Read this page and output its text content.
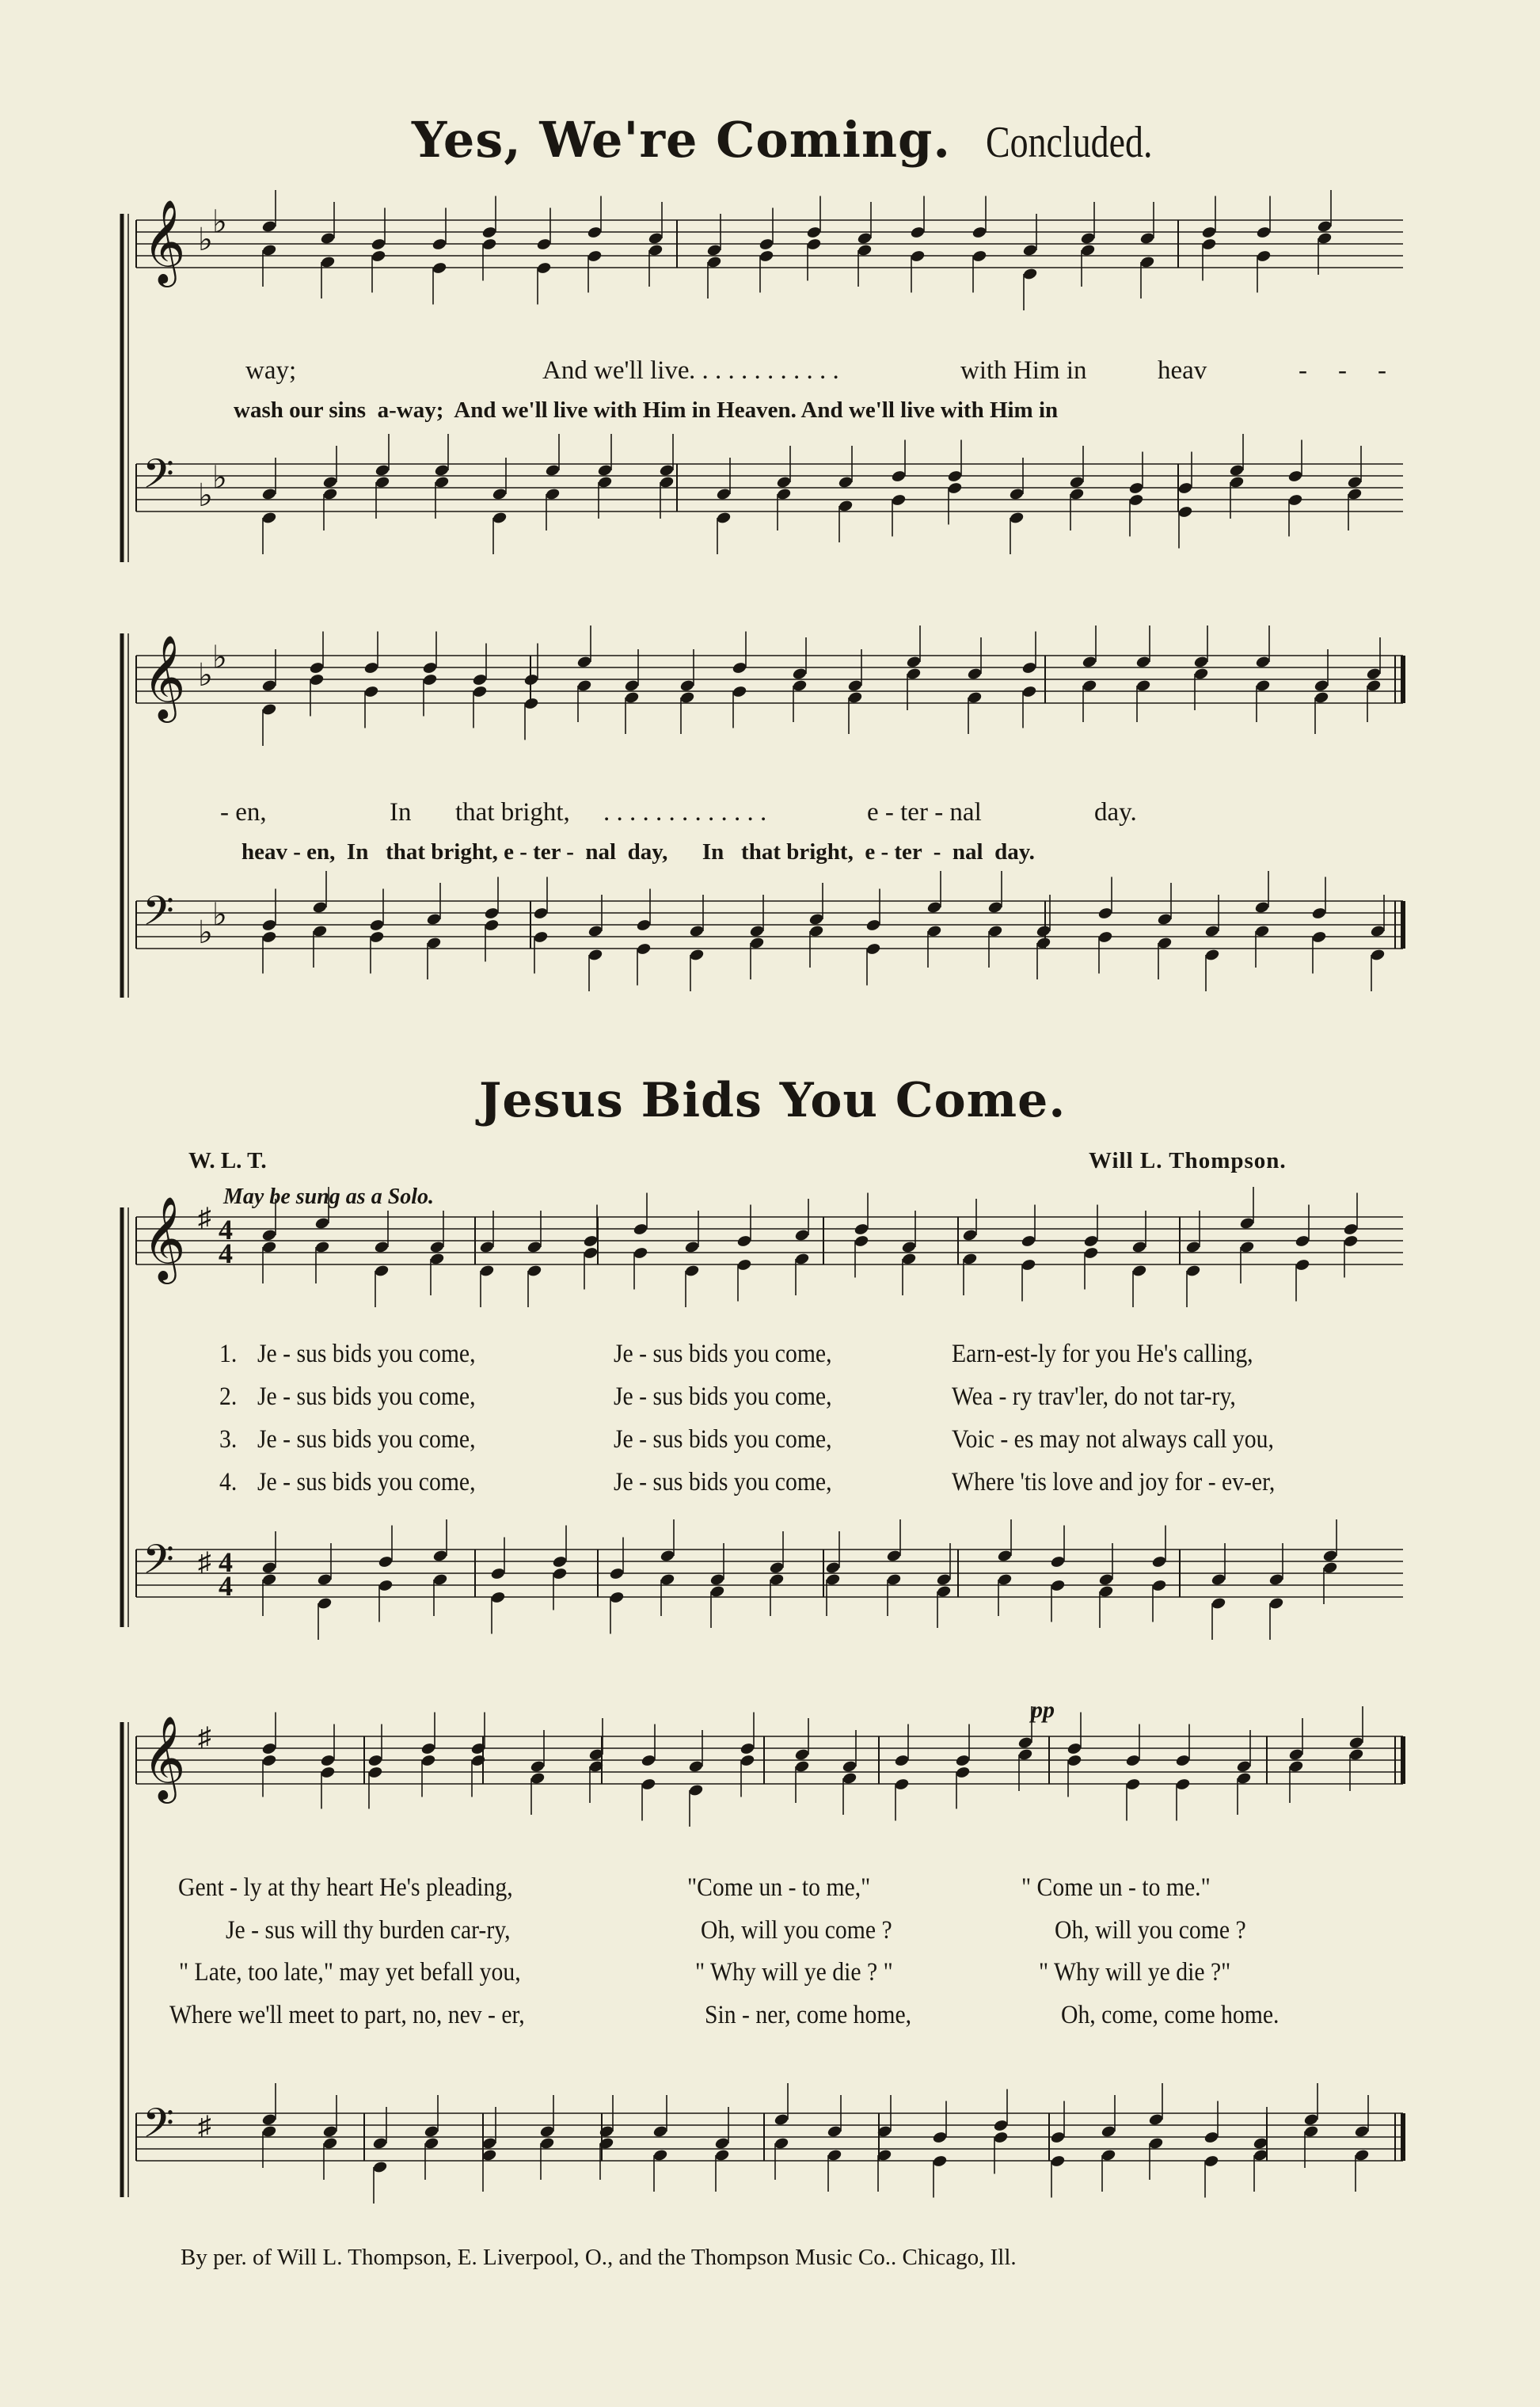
Yes, We're Coming. Concluded.
𝄞 ♭ ♭
𝄢 ♭ ♭
way;	And we'll live . . . . . . . . . . . .	with Him in	heav	- - -
wash our sins  a-way;  And we'll live with Him in Heaven. And we'll live with Him in
𝄞 ♭ ♭
𝄢 ♭ ♭
- en,	In that bright, . . . . . . . . . . . . .	e - ter - nal	day.
heav - en,  In   that bright, e - ter -  nal  day,      In   that bright,  e - ter  -  nal  day.
Jesus Bids You Come.
W. L. T.	Will L. Thompson.
May be sung as a Solo.
𝄞 ♯ 4
4
𝄢 ♯ 4
4
𝄞 ♯
𝄢 ♯
pp
1. Je - sus bids you come,	Je - sus bids you come,	Earn-est-ly for you He's calling,
2. Je - sus bids you come,	Je - sus bids you come,	Wea - ry trav'ler, do not tar-ry,
3. Je - sus bids you come,	Je - sus bids you come,	Voic - es may not always call you,
4. Je - sus bids you come,	Je - sus bids you come,	Where 'tis love and joy for - ev-er,
Gent - ly at thy heart He's pleading,	"Come un - to me,"	" Come un - to me."
Je - sus will thy burden car-ry,	Oh, will you come ?	Oh, will you come ?
" Late, too late," may yet befall you,	" Why will ye die ? "	" Why will ye die ?"
Where we'll meet to part, no, nev - er,	Sin - ner, come home,	Oh, come, come home.
By per. of Will L. Thompson, E. Liverpool, O., and the Thompson Music Co.. Chicago, Ill.
